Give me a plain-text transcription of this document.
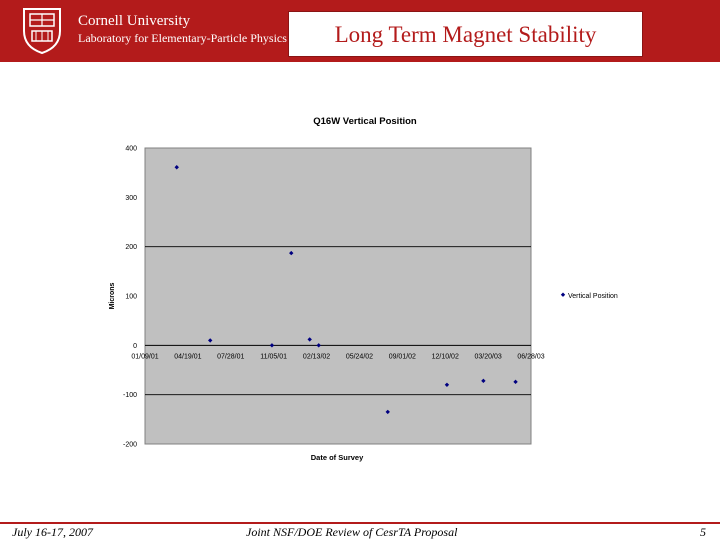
Cornell University
Laboratory for Elementary-Particle Physics	Long Term Magnet Stability
Q16W Vertical Position
-200
-100
0
100
200
300
400
01/09/01 04/19/01 07/28/01 11/05/01 02/13/02 05/24/02 09/01/02 12/10/02 03/20/03 06/28/03
Microns
Date of Survey
Vertical Position
July 16-17, 2007	Joint NSF/DOE Review of CesrTA Proposal	5
